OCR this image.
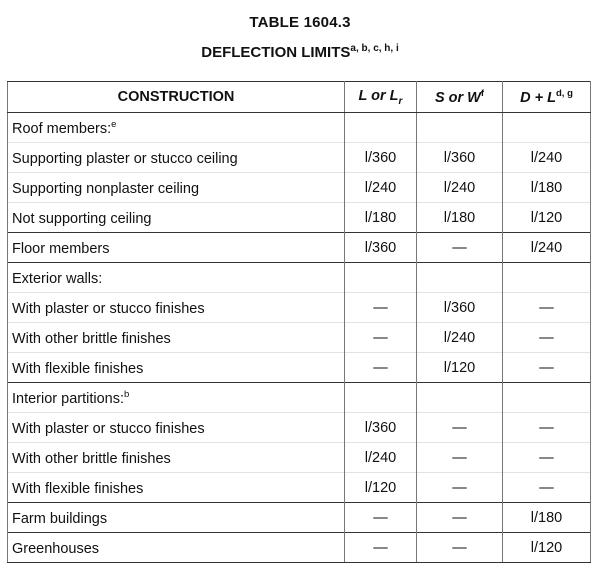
TABLE 1604.3
DEFLECTION LIMITS$^{a, b, c, h, i}$
CONSTRUCTION	L or $L_r$	S or $W^f$	D + L$^{d, g}$
Roof members:$^e$			
Supporting plaster or stucco ceiling	l/360	l/360	l/240
Supporting nonplaster ceiling	l/240	l/240	l/180
Not supporting ceiling	l/180	l/180	l/120
Floor members	l/360	—	l/240
Exterior walls:			
With plaster or stucco finishes	—	l/360	—
With other brittle finishes	—	l/240	—
With flexible finishes	—	l/120	—
Interior partitions:$^b$			
With plaster or stucco finishes	l/360	—	—
With other brittle finishes	l/240	—	—
With flexible finishes	l/120	—	—
Farm buildings	—	—	l/180
Greenhouses	—	—	l/120
